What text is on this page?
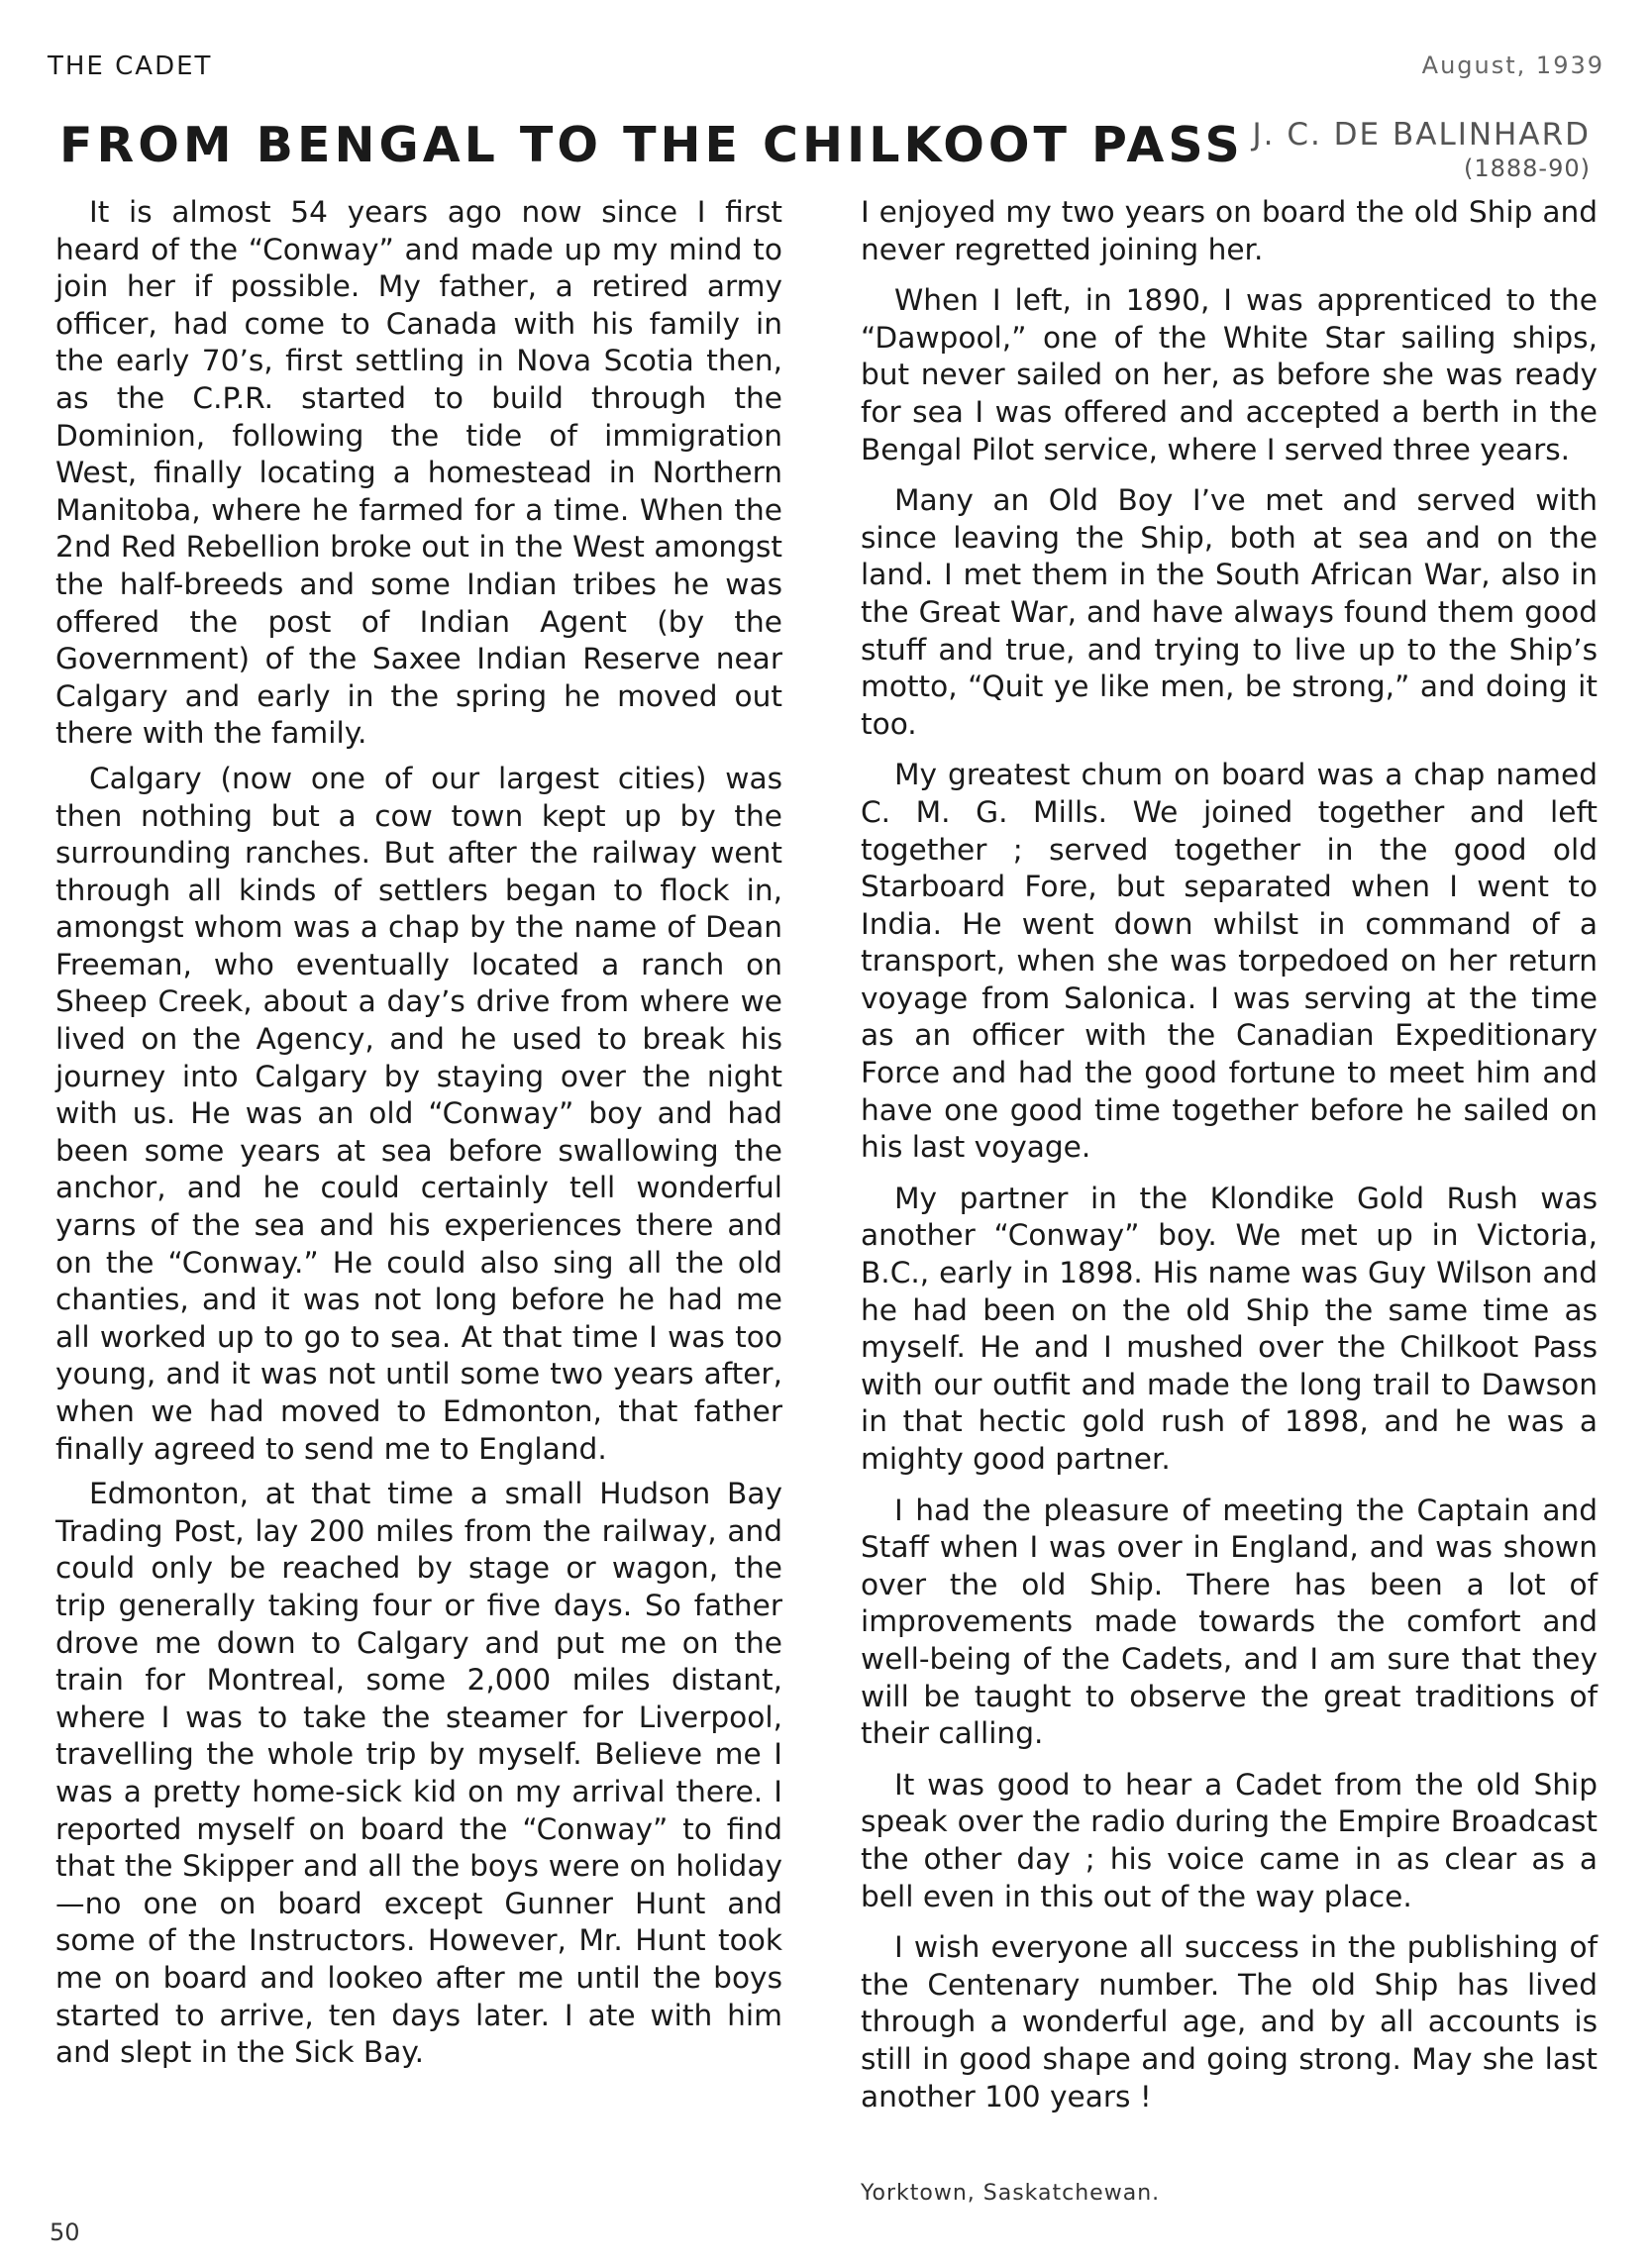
THE CADET	August, 1939
FROM BENGAL TO THE CHILKOOT PASS J. C. DE BALINHARD
(1888-90)

It is almost 54 years ago now since I first heard of the “Conway” and made up my mind to join her if possible. My father, a retired army officer, had come to Canada with his family in the early 70’s, first settling in Nova Scotia then, as the C.P.R. started to build through the Dominion, following the tide of immigration West, finally locating a homestead in Northern Manitoba, where he farmed for a time. When the 2nd Red Rebellion broke out in the West amongst the half-breeds and some Indian tribes he was offered the post of Indian Agent (by the Government) of the Saxee Indian Reserve near Calgary and early in the spring he moved out there with the family.

Calgary (now one of our largest cities) was then nothing but a cow town kept up by the surrounding ranches. But after the railway went through all kinds of settlers began to flock in, amongst whom was a chap by the name of Dean Freeman, who eventually located a ranch on Sheep Creek, about a day’s drive from where we lived on the Agency, and he used to break his journey into Calgary by staying over the night with us. He was an old “Conway” boy and had been some years at sea before swallowing the anchor, and he could certainly tell wonderful yarns of the sea and his experiences there and on the “Conway.” He could also sing all the old chanties, and it was not long before he had me all worked up to go to sea. At that time I was too young, and it was not until some two years after, when we had moved to Edmonton, that father finally agreed to send me to England.

Edmonton, at that time a small Hudson Bay Trading Post, lay 200 miles from the railway, and could only be reached by stage or wagon, the trip generally taking four or five days. So father drove me down to Calgary and put me on the train for Montreal, some 2,000 miles distant, where I was to take the steamer for Liverpool, travelling the whole trip by myself. Believe me I was a pretty home-sick kid on my arrival there. I reported myself on board the “Conway” to find that the Skipper and all the boys were on holiday—no one on board except Gunner Hunt and some of the Instructors. However, Mr. Hunt took me on board and lookeo after me until the boys started to arrive, ten days later. I ate with him and slept in the Sick Bay.

I enjoyed my two years on board the old Ship and never regretted joining her.

When I left, in 1890, I was apprenticed to the “Dawpool,” one of the White Star sailing ships, but never sailed on her, as before she was ready for sea I was offered and accepted a berth in the Bengal Pilot service, where I served three years.

Many an Old Boy I’ve met and served with since leaving the Ship, both at sea and on the land. I met them in the South African War, also in the Great War, and have always found them good stuff and true, and trying to live up to the Ship’s motto, “Quit ye like men, be strong,” and doing it too.

My greatest chum on board was a chap named C. M. G. Mills. We joined together and left together ; served together in the good old Starboard Fore, but separated when I went to India. He went down whilst in command of a transport, when she was torpedoed on her return voyage from Salonica. I was serving at the time as an officer with the Canadian Expeditionary Force and had the good fortune to meet him and have one good time together before he sailed on his last voyage.

My partner in the Klondike Gold Rush was another “Conway” boy. We met up in Victoria, B.C., early in 1898. His name was Guy Wilson and he had been on the old Ship the same time as myself. He and I mushed over the Chilkoot Pass with our outfit and made the long trail to Dawson in that hectic gold rush of 1898, and he was a mighty good partner.

I had the pleasure of meeting the Captain and Staff when I was over in England, and was shown over the old Ship. There has been a lot of improvements made towards the comfort and well-being of the Cadets, and I am sure that they will be taught to observe the great traditions of their calling.

It was good to hear a Cadet from the old Ship speak over the radio during the Empire Broadcast the other day ; his voice came in as clear as a bell even in this out of the way place.

I wish everyone all success in the publishing of the Centenary number. The old Ship has lived through a wonderful age, and by all accounts is still in good shape and going strong. May she last another 100 years !

Yorktown, Saskatchewan.
50
